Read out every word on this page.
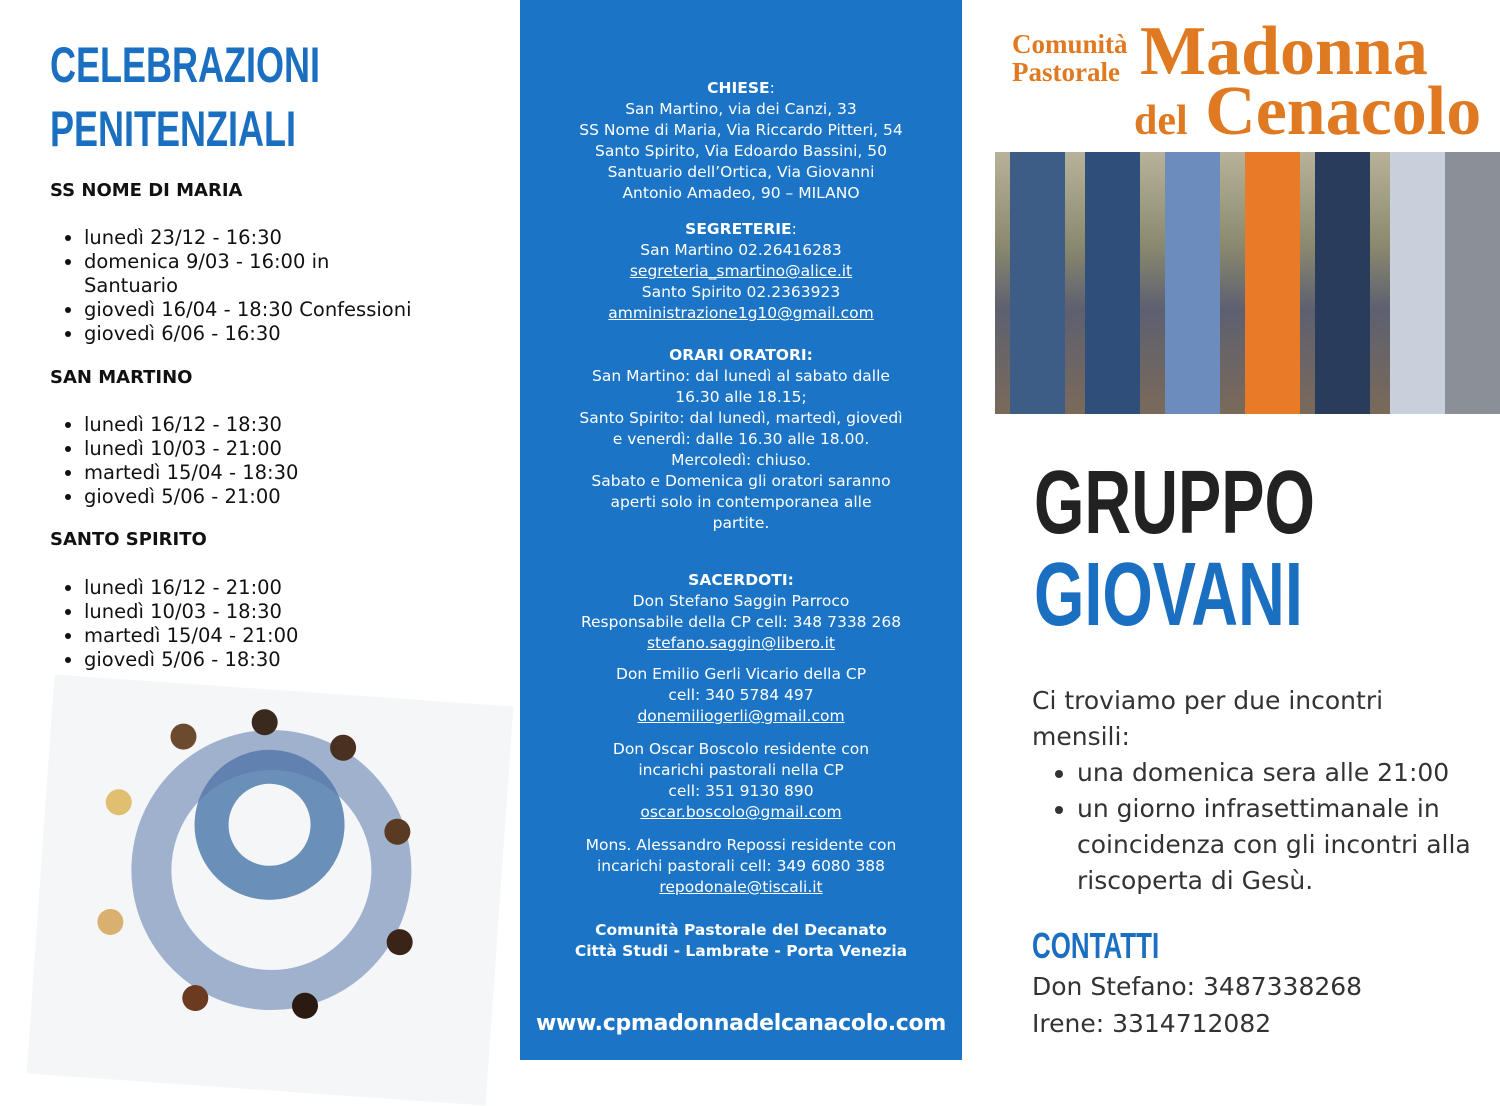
CELEBRAZIONI
PENITENZIALI
SS NOME DI MARIA
• lunedì 23/12 - 16:30
• domenica 9/03 - 16:00 in Santuario
• giovedì 16/04 - 18:30 Confessioni
• giovedì 6/06 - 16:30
SAN MARTINO
• lunedì 16/12 - 18:30
• lunedì 10/03 - 21:00
• martedì 15/04 - 18:30
• giovedì 5/06 - 21:00
SANTO SPIRITO
• lunedì 16/12 - 21:00
• lunedì 10/03 - 18:30
• martedì 15/04 - 21:00
• giovedì 5/06 - 18:30
CHIESE:
San Martino, via dei Canzi, 33
SS Nome di Maria, Via Riccardo Pitteri, 54
Santo Spirito, Via Edoardo Bassini, 50
Santuario dell’Ortica, Via Giovanni
Antonio Amadeo, 90 – MILANO
SEGRETERIE:
San Martino 02.26416283
segreteria_smartino@alice.it
Santo Spirito 02.2363923
amministrazione1g10@gmail.com
ORARI ORATORI:
San Martino: dal lunedì al sabato dalle
16.30 alle 18.15;
Santo Spirito: dal lunedì, martedì, giovedì
e venerdì: dalle 16.30 alle 18.00.
Mercoledì: chiuso.
Sabato e Domenica gli oratori saranno
aperti solo in contemporanea alle
partite.
SACERDOTI:
Don Stefano Saggin Parroco
Responsabile della CP cell: 348 7338 268
stefano.saggin@libero.it
Don Emilio Gerli Vicario della CP
cell: 340 5784 497
donemiliogerli@gmail.com
Don Oscar Boscolo residente con
incarichi pastorali nella CP
cell: 351 9130 890
oscar.boscolo@gmail.com
Mons. Alessandro Repossi residente con
incarichi pastorali cell: 349 6080 388
repodonale@tiscali.it
Comunità Pastorale del Decanato
Città Studi - Lambrate - Porta Venezia
www.cpmadonnadelcanacolo.com
Comunità
Pastorale Madonna
del Cenacolo
GRUPPO
GIOVANI
Ci troviamo per due incontri mensili:
• una domenica sera alle 21:00
• un giorno infrasettimanale in coincidenza con gli incontri alla riscoperta di Gesù.
CONTATTI
Don Stefano: 3487338268
Irene: 3314712082
